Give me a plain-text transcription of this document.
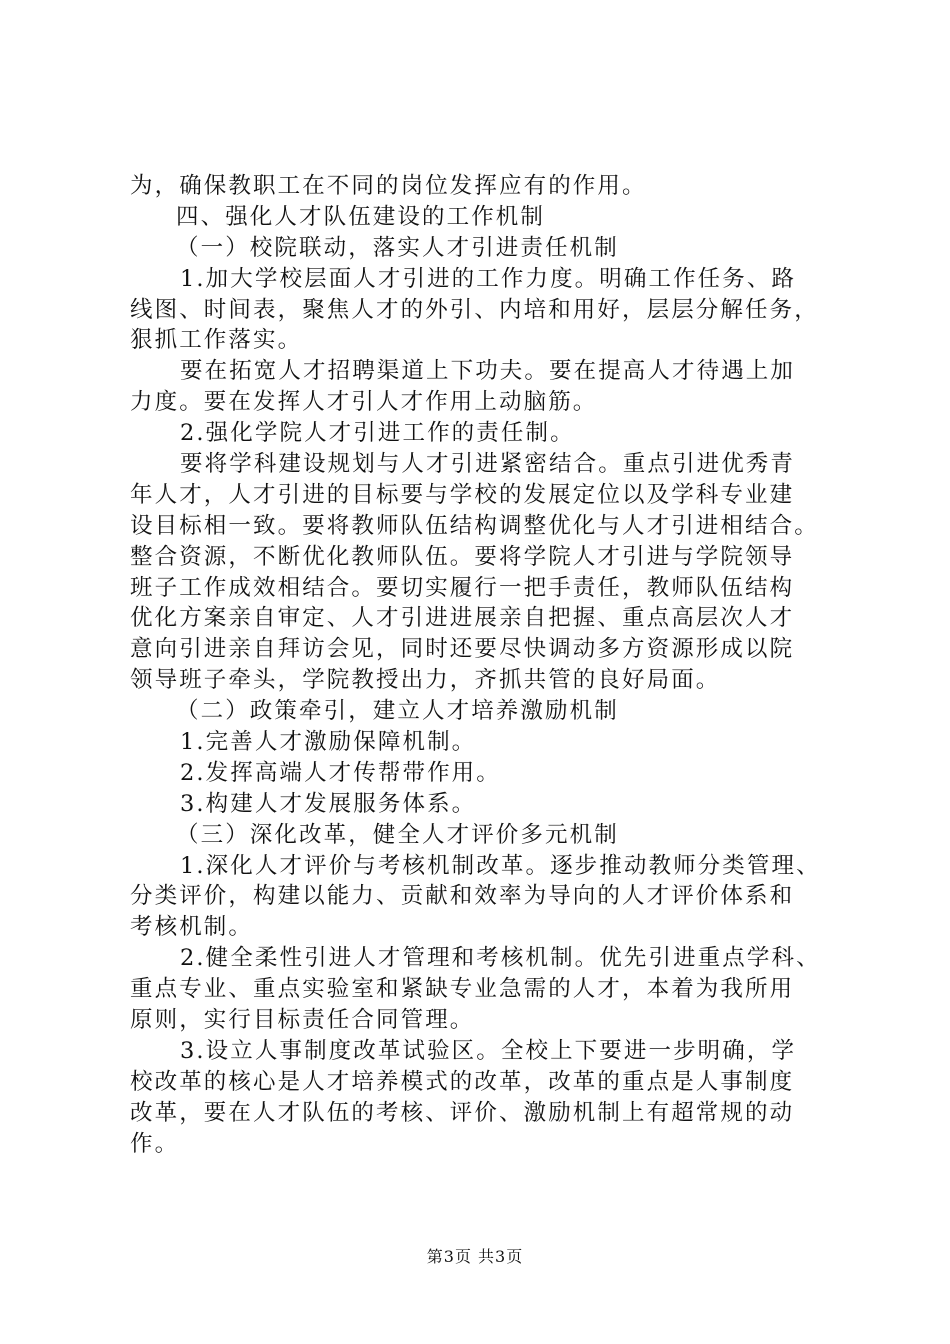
为，确保教职工在不同的岗位发挥应有的作用。

四、强化人才队伍建设的工作机制

（一）校院联动，落实人才引进责任机制

1.加大学校层面人才引进的工作力度。明确工作任务、路

线图、时间表，聚焦人才的外引、内培和用好，层层分解任务，

狠抓工作落实。

要在拓宽人才招聘渠道上下功夫。要在提高人才待遇上加

力度。要在发挥人才引人才作用上动脑筋。

2.强化学院人才引进工作的责任制。

要将学科建设规划与人才引进紧密结合。重点引进优秀青

年人才，人才引进的目标要与学校的发展定位以及学科专业建

设目标相一致。要将教师队伍结构调整优化与人才引进相结合。

整合资源，不断优化教师队伍。要将学院人才引进与学院领导

班子工作成效相结合。要切实履行一把手责任，教师队伍结构

优化方案亲自审定、人才引进进展亲自把握、重点高层次人才

意向引进亲自拜访会见，同时还要尽快调动多方资源形成以院

领导班子牵头，学院教授出力，齐抓共管的良好局面。

（二）政策牵引，建立人才培养激励机制

1.完善人才激励保障机制。

2.发挥高端人才传帮带作用。

3.构建人才发展服务体系。

（三）深化改革，健全人才评价多元机制

1.深化人才评价与考核机制改革。逐步推动教师分类管理、

分类评价，构建以能力、贡献和效率为导向的人才评价体系和

考核机制。

2.健全柔性引进人才管理和考核机制。优先引进重点学科、

重点专业、重点实验室和紧缺专业急需的人才，本着为我所用

原则，实行目标责任合同管理。

3.设立人事制度改革试验区。全校上下要进一步明确，学

校改革的核心是人才培养模式的改革，改革的重点是人事制度

改革，要在人才队伍的考核、评价、激励机制上有超常规的动

作。

第3页 共3页
